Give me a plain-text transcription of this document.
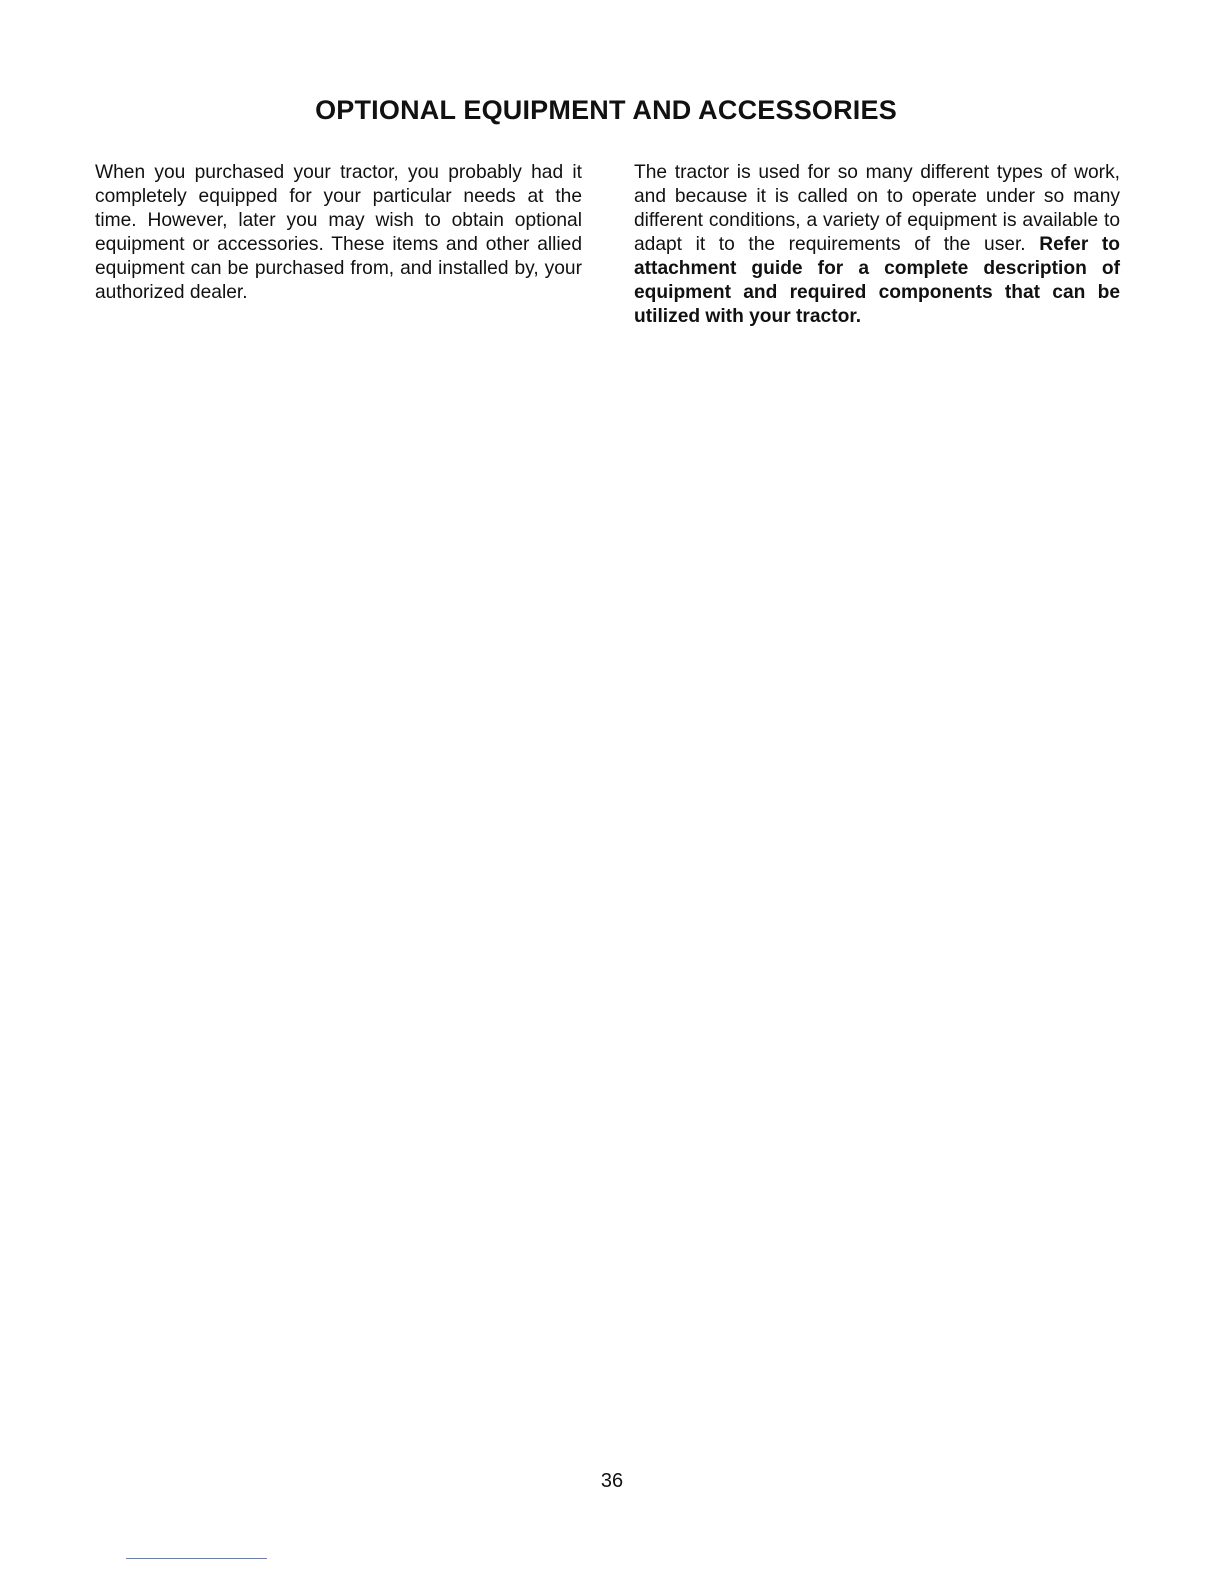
OPTIONAL EQUIPMENT AND ACCESSORIES

When you purchased your tractor, you probably had it completely equipped for your particular needs at the time. However, later you may wish to obtain optional equipment or accessories. These items and other allied equipment can be purchased from, and installed by, your authorized dealer.

The tractor is used for so many different types of work, and because it is called on to operate under so many different conditions, a variety of equipment is available to adapt it to the requirements of the user. Refer to attachment guide for a complete description of equipment and required components that can be utilized with your tractor.

36
